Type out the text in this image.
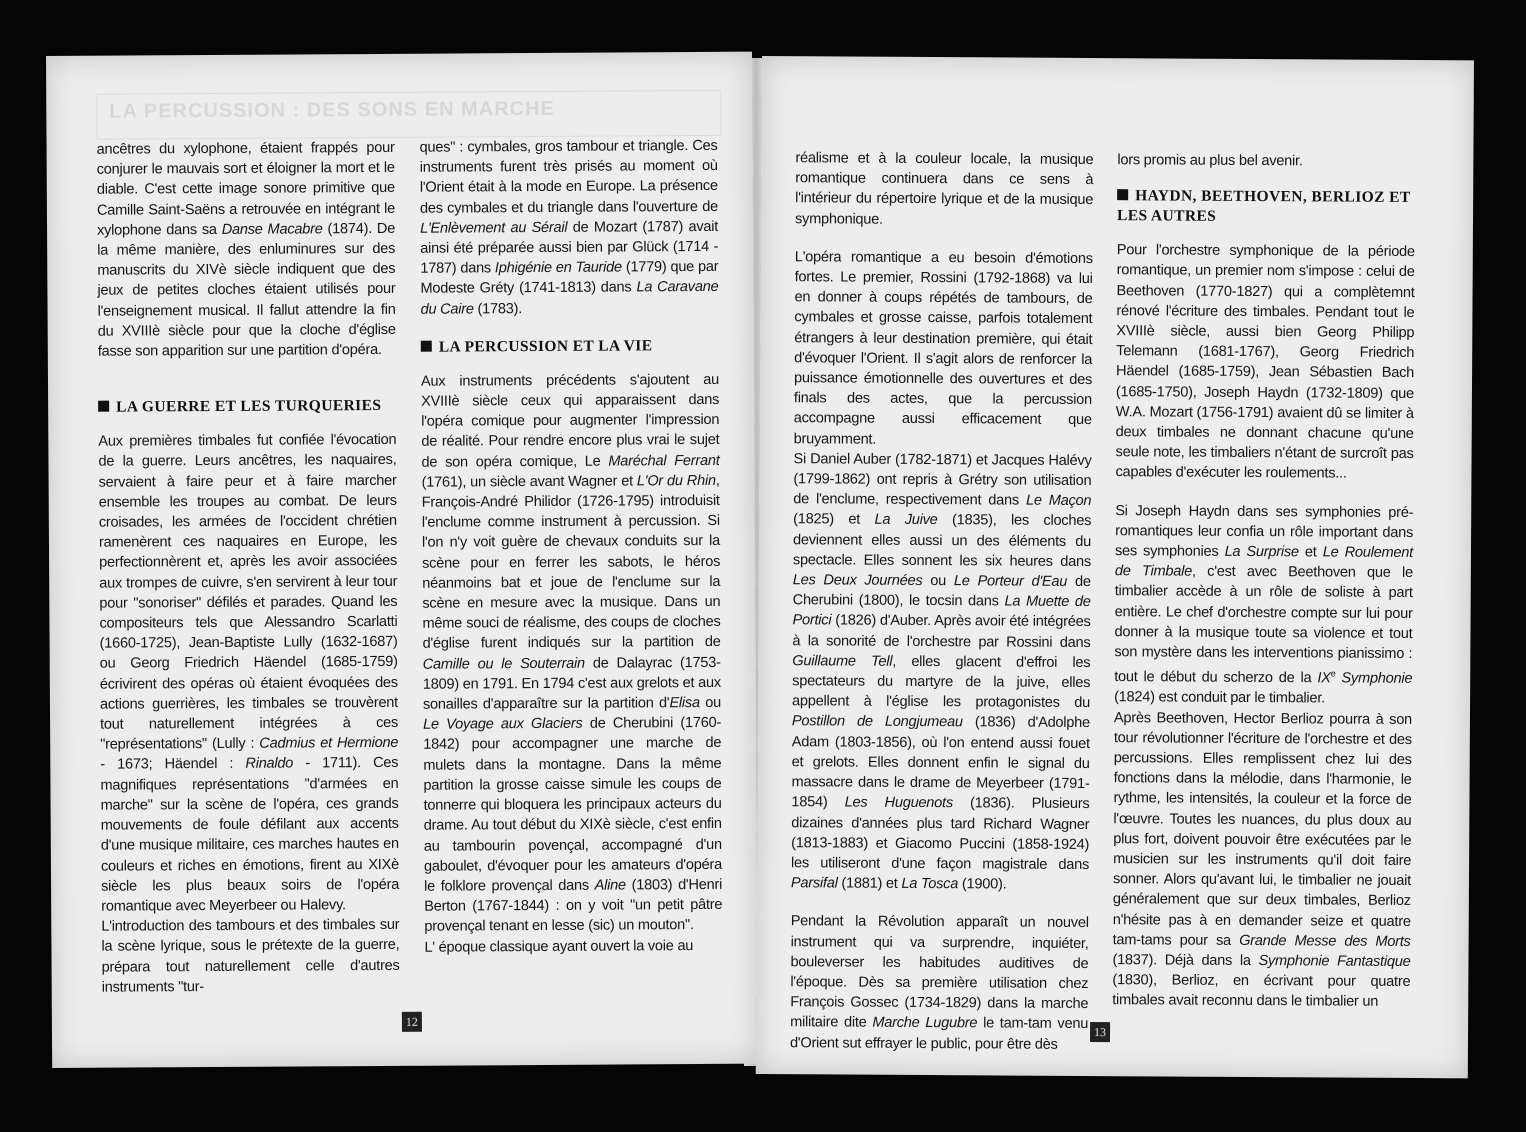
LA PERCUSSION : DES SONS EN MARCHE

ancêtres du xylophone, étaient frappés pour conjurer le mauvais sort et éloigner la mort et le diable. C'est cette image sonore primitive que Camille Saint-Saëns a retrouvée en intégrant le xylophone dans sa Danse Macabre (1874). De la même manière, des enluminures sur des manuscrits du XIVè siècle indiquent que des jeux de petites cloches étaient utilisés pour l'enseignement musical. Il fallut attendre la fin du XVIIIè siècle pour que la cloche d'église fasse son apparition sur une partition d'opéra.

LA GUERRE ET LES TURQUERIES

Aux premières timbales fut confiée l'évocation de la guerre. Leurs ancêtres, les naquaires, servaient à faire peur et à faire marcher ensemble les troupes au combat. De leurs croisades, les armées de l'occident chrétien ramenèrent ces naquaires en Europe, les perfectionnèrent et, après les avoir associées aux trompes de cuivre, s'en servirent à leur tour pour "sonoriser" défilés et parades. Quand les compositeurs tels que Alessandro Scarlatti (1660-1725), Jean-Baptiste Lully (1632-1687) ou Georg Friedrich Häendel (1685-1759) écrivirent des opéras où étaient évoquées des actions guerrières, les timbales se trouvèrent tout naturellement intégrées à ces "représentations" (Lully : Cadmius et Hermione - 1673; Häendel : Rinaldo - 1711). Ces magnifiques représentations "d'armées en marche" sur la scène de l'opéra, ces grands mouvements de foule défilant aux accents d'une musique militaire, ces marches hautes en couleurs et riches en émotions, firent au XIXè siècle les plus beaux soirs de l'opéra romantique avec Meyerbeer ou Halevy.

L'introduction des tambours et des timbales sur la scène lyrique, sous le prétexte de la guerre, prépara tout naturellement celle d'autres instruments "tur-

ques" : cymbales, gros tambour et triangle. Ces instruments furent très prisés au moment où l'Orient était à la mode en Europe. La présence des cymbales et du triangle dans l'ouverture de L'Enlèvement au Sérail de Mozart (1787) avait ainsi été préparée aussi bien par Glück (1714 - 1787) dans Iphigénie en Tauride (1779) que par Modeste Gréty (1741-1813) dans La Caravane du Caire (1783).

LA PERCUSSION ET LA VIE

Aux instruments précédents s'ajoutent au XVIIIè siècle ceux qui apparaissent dans l'opéra comique pour augmenter l'impression de réalité. Pour rendre encore plus vrai le sujet de son opéra comique, Le Maréchal Ferrant (1761), un siècle avant Wagner et L'Or du Rhin, François-André Philidor (1726-1795) introduisit l'enclume comme instrument à percussion. Si l'on n'y voit guère de chevaux conduits sur la scène pour en ferrer les sabots, le héros néanmoins bat et joue de l'enclume sur la scène en mesure avec la musique. Dans un même souci de réalisme, des coups de cloches d'église furent indiqués sur la partition de Camille ou le Souterrain de Dalayrac (1753-1809) en 1791. En 1794 c'est aux grelots et aux sonailles d'apparaître sur la partition d'Elisa ou Le Voyage aux Glaciers de Cherubini (1760-1842) pour accompagner une marche de mulets dans la montagne. Dans la même partition la grosse caisse simule les coups de tonnerre qui bloquera les principaux acteurs du drame. Au tout début du XIXè siècle, c'est enfin au tambourin povençal, accompagné d'un gaboulet, d'évoquer pour les amateurs d'opéra le folklore provençal dans Aline (1803) d'Henri Berton (1767-1844) : on y voit "un petit pâtre provençal tenant en lesse (sic) un mouton".

L' époque classique ayant ouvert la voie au

12

réalisme et à la couleur locale, la musique romantique continuera dans ce sens à l'intérieur du répertoire lyrique et de la musique symphonique.

L'opéra romantique a eu besoin d'émotions fortes. Le premier, Rossini (1792-1868) va lui en donner à coups répétés de tambours, de cymbales et grosse caisse, parfois totalement étrangers à leur destination première, qui était d'évoquer l'Orient. Il s'agit alors de renforcer la puissance émotionnelle des ouvertures et des finals des actes, que la percussion accompagne aussi efficacement que bruyamment.
Si Daniel Auber (1782-1871) et Jacques Halévy (1799-1862) ont repris à Grétry son utilisation de l'enclume, respectivement dans Le Maçon (1825) et La Juive (1835), les cloches deviennent elles aussi un des éléments du spectacle. Elles sonnent les six heures dans Les Deux Journées ou Le Porteur d'Eau de Cherubini (1800), le tocsin dans La Muette de Portici (1826) d'Auber. Après avoir été intégrées à la sonorité de l'orchestre par Rossini dans Guillaume Tell, elles glacent d'effroi les spectateurs du martyre de la juive, elles appellent à l'église les protagonistes du Postillon de Longjumeau (1836) d'Adolphe Adam (1803-1856), où l'on entend aussi fouet et grelots. Elles donnent enfin le signal du massacre dans le drame de Meyerbeer (1791-1854) Les Huguenots (1836). Plusieurs dizaines d'années plus tard Richard Wagner (1813-1883) et Giacomo Puccini (1858-1924) les utiliseront d'une façon magistrale dans Parsifal (1881) et La Tosca (1900).

Pendant la Révolution apparaît un nouvel instrument qui va surprendre, inquiéter, bouleverser les habitudes auditives de l'époque. Dès sa première utilisation chez François Gossec (1734-1829) dans la marche militaire dite Marche Lugubre le tam-tam venu d'Orient sut effrayer le public, pour être dès

lors promis au plus bel avenir.

HAYDN, BEETHOVEN, BERLIOZ ET LES AUTRES

Pour l'orchestre symphonique de la période romantique, un premier nom s'impose : celui de Beethoven (1770-1827) qui a complètemnt rénové l'écriture des timbales. Pendant tout le XVIIIè siècle, aussi bien Georg Philipp Telemann (1681-1767), Georg Friedrich Häendel (1685-1759), Jean Sébastien Bach (1685-1750), Joseph Haydn (1732-1809) que W.A. Mozart (1756-1791) avaient dû se limiter à deux timbales ne donnant chacune qu'une seule note, les timbaliers n'étant de surcroît pas capables d'exécuter les roulements...

Si Joseph Haydn dans ses symphonies pré-romantiques leur confia un rôle important dans ses symphonies La Surprise et Le Roulement de Timbale, c'est avec Beethoven que le timbalier accède à un rôle de soliste à part entière. Le chef d'orchestre compte sur lui pour donner à la musique toute sa violence et tout son mystère dans les interventions pianissimo : tout le début du scherzo de la IXe Symphonie (1824) est conduit par le timbalier.
Après Beethoven, Hector Berlioz pourra à son tour révolutionner l'écriture de l'orchestre et des percussions. Elles remplissent chez lui des fonctions dans la mélodie, dans l'harmonie, le rythme, les intensités, la couleur et la force de l'œuvre. Toutes les nuances, du plus doux au plus fort, doivent pouvoir être exécutées par le musicien sur les instruments qu'il doit faire sonner. Alors qu'avant lui, le timbalier ne jouait généralement que sur deux timbales, Berlioz n'hésite pas à en demander seize et quatre tam-tams pour sa Grande Messe des Morts (1837). Déjà dans la Symphonie Fantastique (1830), Berlioz, en écrivant pour quatre timbales avait reconnu dans le timbalier un

13
